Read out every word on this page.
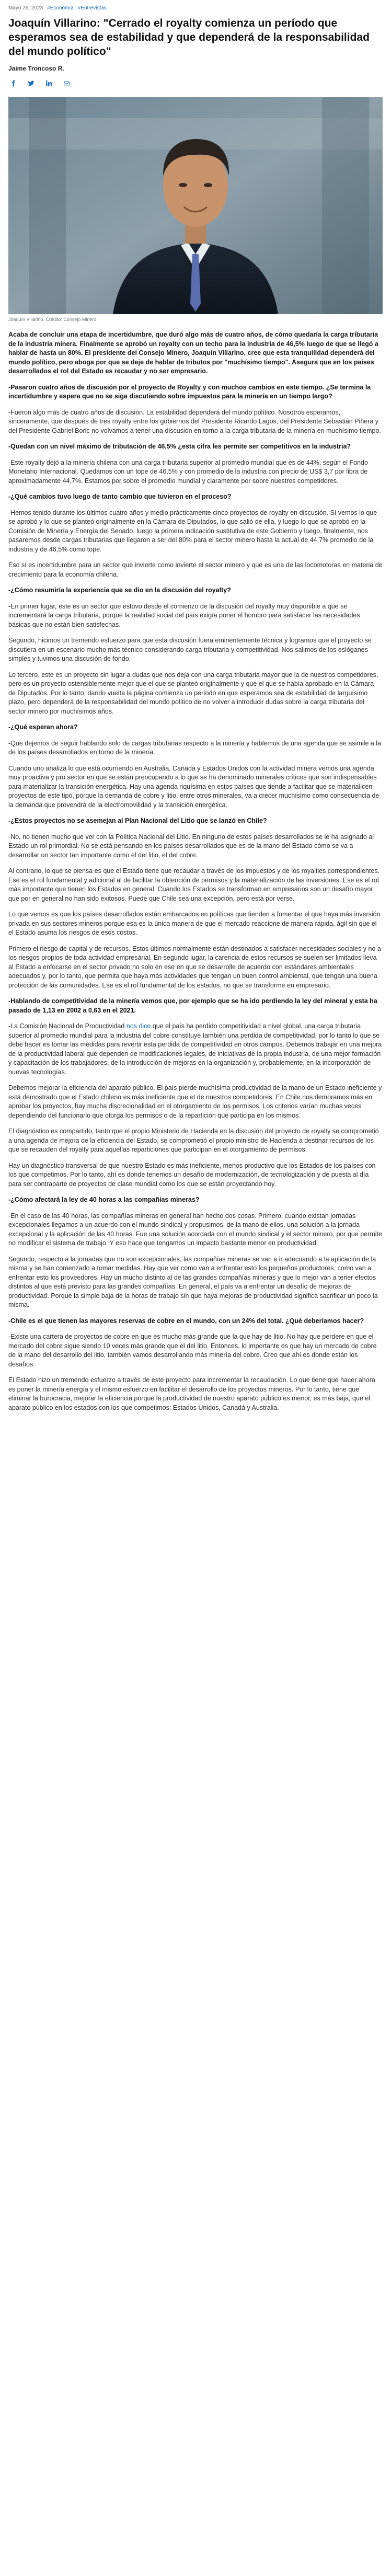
Mayo 26, 2023 #Economía #Entrevistas
Joaquín Villarino: "Cerrado el royalty comienza un período que esperamos sea de estabilidad y que dependerá de la responsabilidad del mundo político"
Jaime Troncoso R.
Joaquín Villarino. Crédito: Consejo Minero

Acaba de concluir una etapa de incertidumbre, que duró algo más de cuatro años, de cómo quedaría la carga tributaria de la industria minera. Finalmente se aprobó un royalty con un techo para la industria de 46,5% luego de que se llegó a hablar de hasta un 80%. El presidente del Consejo Minero, Joaquín Villarino, cree que esta tranquilidad dependerá del mundo político, pero aboga por que se deje de hablar de tributos por "muchísimo tiempo". Asegura que en los países desarrollados el rol del Estado es recaudar y no ser empresario.

-Pasaron cuatro años de discusión por el proyecto de Royalty y con muchos cambios en este tiempo. ¿Se termina la incertidumbre y espera que no se siga discutiendo sobre impuestos para la minería en un tiempo largo?

-Fueron algo más de cuatro años de discusión. La estabilidad dependerá del mundo político. Nosotros esperamos, sinceramente, que después de tres royalty entre los gobiernos del Presidente Ricardo Lagos, del Presidente Sebastián Piñera y del Presidente Gabriel Boric no volvamos a tener una discusión en torno a la carga tributaria de la minería en muchísimo tiempo.

-Quedan con un nivel máximo de tributación de 46,5% ¿esta cifra les permite ser competitivos en la industria?

-Este royalty dejó a la minería chilena con una carga tributaria superior al promedio mundial que es de 44%, según el Fondo Monetario Internacional. Quedamos con un tope de 46,5% y con promedio de la industria con precio de US$ 3,7 por libra de aproximadamente 44,7%. Estamos por sobre el promedio mundial y claramente por sobre nuestros competidores.

-¿Qué cambios tuvo luego de tanto cambio que tuvieron en el proceso?

-Hemos tenido durante los últimos cuatro años y medio prácticamente cinco proyectos de royalty en discusión. Sí vemos lo que se aprobó y lo que se planteó originalmente en la Cámara de Diputados, lo que salió de ella, y luego lo que se aprobó en la Comisión de Minería y Energía del Senado, luego la primera indicación sustitutiva de este Gobierno y luego, finalmente, nos pasaremos desde cargas tributarias que llegaron a ser del 80% para el sector minero hasta la actual de 44,7% promedio de la industria y de 46,5% como tope.

Eso sí es incertidumbre para un sector que invierte como invierte el sector minero y que es una de las locomotoras en materia de crecimiento para la economía chilena.

-¿Cómo resumiría la experiencia que se dio en la discusión del royalty?

-En primer lugar, este es un sector que estuvo desde el comienzo de la discusión del royalty muy disponible a que se incrementará la carga tributaria, porque la realidad social del país exigía poner el hombro para satisfacer las necesidades básicas que no están bien satisfechas.

Segundo, hicimos un tremendo esfuerzo para que esta discusión fuera eminentemente técnica y logramos que el proyecto se discutiera en un escenario mucho más técnico considerando carga tributaria y competitividad. Nos salimos de los eslóganes simples y tuvimos una discusión de fondo.

Lo tercero, este es un proyecto sin lugar a dudas que nos deja con una carga tributaria mayor que la de nuestros competidores, pero es un proyecto ostensiblemente mejor que el que se planteó originalmente y que el que se había aprobado en la Cámara de Diputados. Por lo tanto, dando vuelta la página comienza un período en que esperamos sea de estabilidad de larguísimo plazo, pero dependerá de la responsabilidad del mundo político de no volver a introducir dudas sobre la carga tributaria del sector minero por muchísimos años.

-¿Qué esperan ahora?

-Que dejemos de seguir hablando solo de cargas tributarias respecto a la minería y hablemos de una agenda que se asimile a la de los países desarrollados en torno de la minería.

Cuando uno analiza lo que está ocurriendo en Australia, Canadá y Estados Unidos con la actividad minera vemos una agenda muy proactiva y pro sector en que se están preocupando a lo que se ha denominado minerales críticos que son indispensables para materializar la transición energética. Hay una agenda riquísima en estos países que tiende a facilitar que se materialicen proyectos de este tipo, porque la demanda de cobre y litio, entre otros minerales, va a crecer muchísimo como consecuencia de la demanda que provendrá de la electromovilidad y la transición energética.

-¿Estos proyectos no se asemejan al Plan Nacional del Litio que se lanzó en Chile?

-No, no tienen mucho que ver con la Política Nacional del Litio. En ninguno de estos países desarrollados se le ha asignado al Estado un rol primordial. No se está pensando en los países desarrollados que es de la mano del Estado cómo se va a desarrollar un sector tan importante como el del litio, el del cobre.

Al contrario, lo que se piensa es que el Estado tiene que recaudar a través de los impuestos y de los royalties correspondientes. Ese es el rol fundamental y adicional al de facilitar la obtención de permisos y la materialización de las inversiones. Ese es el rol más importante que tienen los Estados en general. Cuando los Estados se transforman en empresarios son un desafío mayor que por en general no han sido exitosos. Puede que Chile sea una excepción, pero está por verse.

Lo que vemos es que los países desarrollados están embarcados en políticas que tienden a fomentar el que haya más inversión privada en sus sectores mineros porque esa es la única manera de que el mercado reaccione de manera rápida, ágil sin que el el Estado asuma los riesgos de esos costos.

Primero el riesgo de capital y de recursos. Estos últimos normalmente están destinados a satisfacer necesidades sociales y no a los riesgos propios de toda actividad empresarial. En segundo lugar, la carencia de estos recursos se suelen ser limitados lleva al Estado a enfocarse en el sector privado no solo en ese en que se desarrolle de acuerdo con estándares ambientales adecuados y, por lo tanto, que permita que haya más actividades que tengan un buen control ambiental, que tengan una buena protección de las comunidades. Ese es el rol fundamental de los estados, no que se transforme en empresario.

-Hablando de competitividad de la minería vemos que, por ejemplo que se ha ido perdiendo la ley del mineral y esta ha pasado de 1,13 en 2002 a 0,63 en el 2021.

-La Comisión Nacional de Productividad nos dice que el país ha perdido competitividad a nivel global, una carga tributaria superior al promedio mundial para la industria del cobre constituye también una perdida de competitividad, por lo tanto lo que se debe hacer es tomar las medidas para revertir esta perdida de competitividad en otros campos. Debemos trabajar en una mejora de la productividad laboral que dependen de modificaciones legales, de iniciativas de la propia industria, de una mejor formación y capacitación de los trabajadores, de la introducción de mejoras en la organización y, probablemente, en la incorporación de nuevas tecnologías.

Debemos mejorar la eficiencia del aparato público. El país pierde muchísima productividad de la mano de un Estado ineficiente y está demostrado que el Estado chileno es más ineficiente que el de nuestros competidores. En Chile nos demoramos más en aprobar los proyectos, hay mucha discrecionalidad en el otorgamiento de los permisos. Los criterios varían muchas veces dependiendo del funcionario que otorga los permisos o de la repartición que participa en los mismos.

El diagnóstico es compartido, tanto que el propio Ministerio de Hacienda en la discusión del proyecto de royalty se comprometió a una agenda de mejora de la eficiencia del Estado, se comprometió el propio ministro de Hacienda a destinar recursos de los que se recauden del royalty para aquellas reparticiones que participan en el otorgamiento de permisos.

Hay un diagnóstico transversal de que nuestro Estado es más ineficiente, menos productivo que los Estados de los países con los que competimos. Por lo tanto, ahí es donde tenemos un desafío de modernización, de tecnologización y de puesta al día para ser contraparte de proyectos de clase mundial como los que se están proyectando hoy.

-¿Cómo afectará la ley de 40 horas a las compañías mineras?

-En el caso de las 40 horas, las compañías mineras en general han hecho dos cosas. Primero, cuando existan jornadas excepcionales llegamos a un acuerdo con el mundo sindical y propusimos, de la mano de ellos, una solución a la jornada excepcional y la aplicación de las 40 horas. Fue una solución acordada con el mundo sindical y el sector minero, por que permite no modificar el sistema de trabajo. Y eso hace que tengamos un impacto bastante menor en productividad.

Segundo, respecto a la jornadas que no son excepcionales, las compañías mineras se van a ir adecuando a la aplicación de la misma y se han comenzado a tomar medidas. Hay que ver como van a enfrentar esto los pequeños productores, como van a enfrentar esto los proveedores. Hay un mucho distinto al de las grandes compañías mineras y que lo mejor van a tener efectos distintos al que está previsto para las grandes compañías. En general, el país va a enfrentar un desafío de mejoras de productividad. Porque la simple baja de la horas de trabajo sin que haya mejoras de productividad significa sacrificar un poco la misma.

-Chile es el que tienen las mayores reservas de cobre en el mundo, con un 24% del total. ¿Qué deberíamos hacer?

-Existe una cartera de proyectos de cobre en que es mucho más grande que la que hay de litio. No hay que perdere en que el mercado del cobre sigue siendo 10 veces más grande que el del litio. Entonces, lo importante es que hay un mercado de cobre de la mano del desarrollo del litio, también vamos desarrollando más minería del cobre. Creo que ahí es donde están los desafíos.

El Estado hizo un tremendo esfuerzo a través de este proyecto para incrementar la recaudación. Lo que tiene que hacer ahora es poner la minería energía y el mismo esfuerzo en facilitar el desarrollo de los proyectos mineros. Por lo tanto, tiene que eliminar la burocracia, mejorar la eficiencia porque la productividad de nuestro aparato público es menor, es más baja, que el aparato público en los estados con los que competimos: Estados Unidos, Canadá y Australia.
